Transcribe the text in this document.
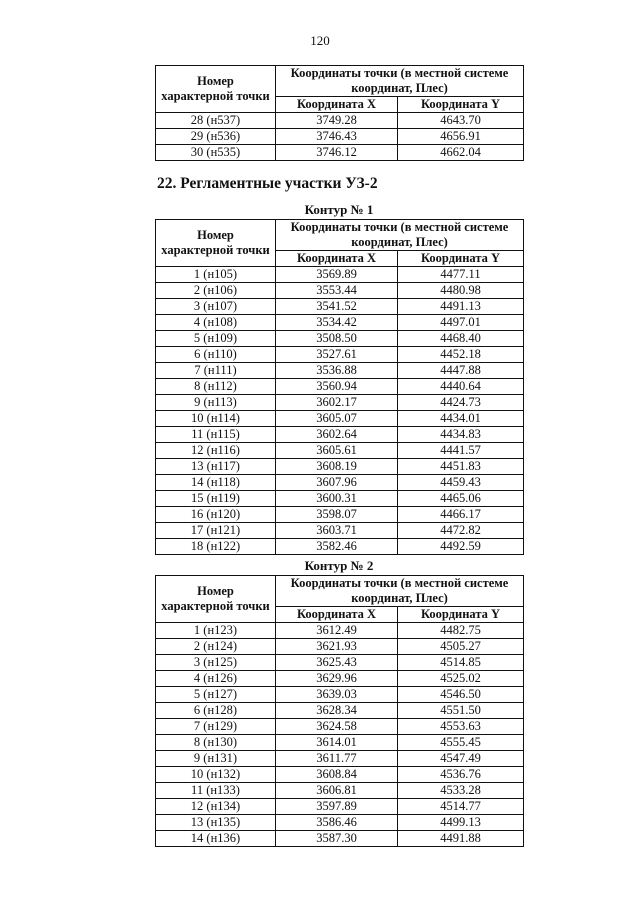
120
Номер характерной точки	Координаты точки (в местной системе координат, Плес)	
	Координата X	Координата Y
28 (н537)	3749.28	4643.70
29 (н536)	3746.43	4656.91
30 (н535)	3746.12	4662.04
22. Регламентные участки УЗ-2
Контур № 1
Номер характерной точки	Координаты точки (в местной системе координат, Плес)	
	Координата X	Координата Y
1 (н105)	3569.89	4477.11
2 (н106)	3553.44	4480.98
3 (н107)	3541.52	4491.13
4 (н108)	3534.42	4497.01
5 (н109)	3508.50	4468.40
6 (н110)	3527.61	4452.18
7 (н111)	3536.88	4447.88
8 (н112)	3560.94	4440.64
9 (н113)	3602.17	4424.73
10 (н114)	3605.07	4434.01
11 (н115)	3602.64	4434.83
12 (н116)	3605.61	4441.57
13 (н117)	3608.19	4451.83
14 (н118)	3607.96	4459.43
15 (н119)	3600.31	4465.06
16 (н120)	3598.07	4466.17
17 (н121)	3603.71	4472.82
18 (н122)	3582.46	4492.59
Контур № 2
Номер характерной точки	Координаты точки (в местной системе координат, Плес)	
	Координата X	Координата Y
1 (н123)	3612.49	4482.75
2 (н124)	3621.93	4505.27
3 (н125)	3625.43	4514.85
4 (н126)	3629.96	4525.02
5 (н127)	3639.03	4546.50
6 (н128)	3628.34	4551.50
7 (н129)	3624.58	4553.63
8 (н130)	3614.01	4555.45
9 (н131)	3611.77	4547.49
10 (н132)	3608.84	4536.76
11 (н133)	3606.81	4533.28
12 (н134)	3597.89	4514.77
13 (н135)	3586.46	4499.13
14 (н136)	3587.30	4491.88
